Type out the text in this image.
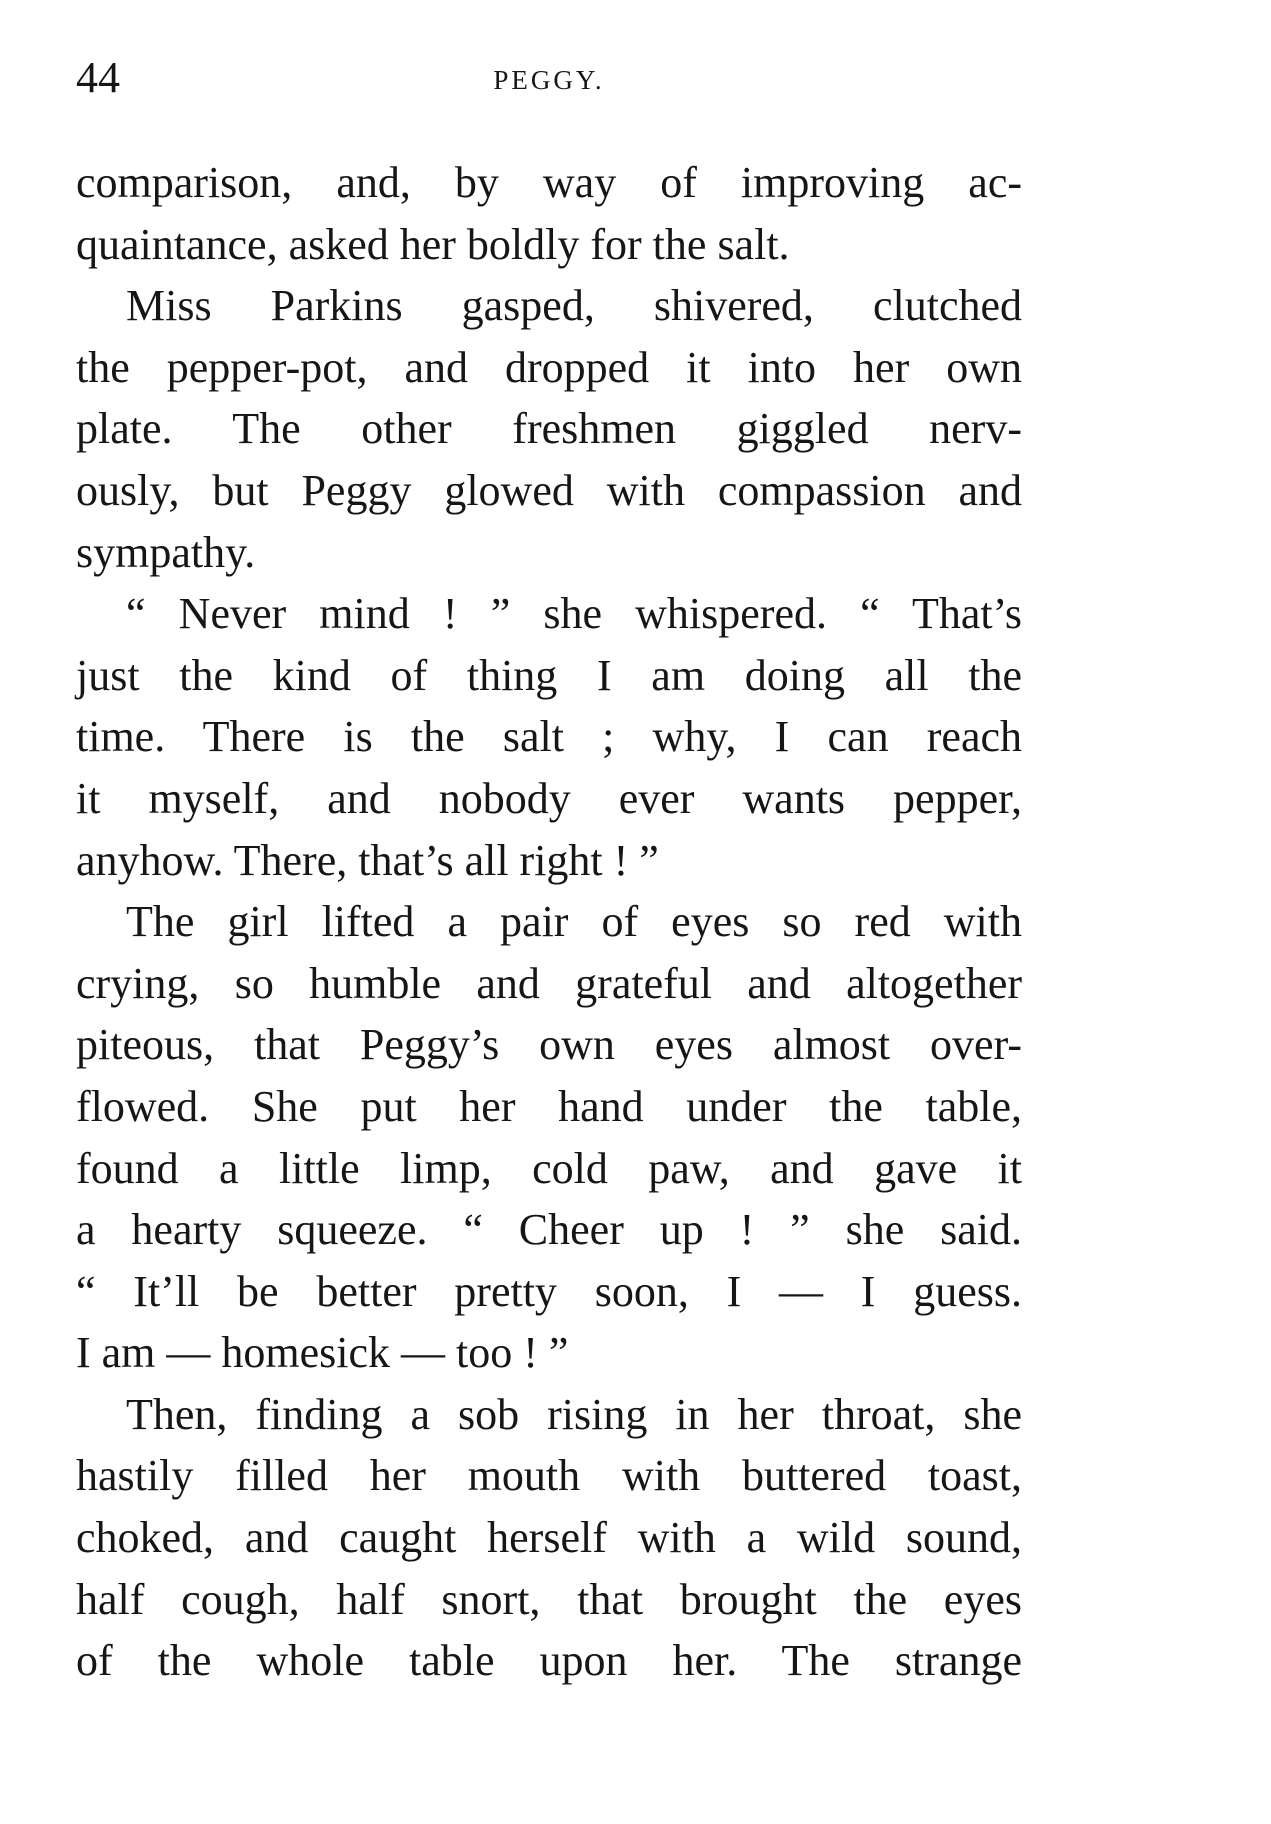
44	PEGGY.
comparison, and, by way of improving ac-
quaintance, asked her boldly for the salt.
Miss Parkins gasped, shivered, clutched
the pepper-pot, and dropped it into her own
plate. The other freshmen giggled nerv-
ously, but Peggy glowed with compassion and
sympathy.
“ Never mind ! ” she whispered. “ That’s
just the kind of thing I am doing all the
time. There is the salt ; why, I can reach
it myself, and nobody ever wants pepper,
anyhow. There, that’s all right ! ”
The girl lifted a pair of eyes so red with
crying, so humble and grateful and altogether
piteous, that Peggy’s own eyes almost over-
flowed. She put her hand under the table,
found a little limp, cold paw, and gave it
a hearty squeeze. “ Cheer up ! ” she said.
“ It’ll be better pretty soon, I — I guess.
I am — homesick — too ! ”
Then, finding a sob rising in her throat, she
hastily filled her mouth with buttered toast,
choked, and caught herself with a wild sound,
half cough, half snort, that brought the eyes
of the whole table upon her. The strange
